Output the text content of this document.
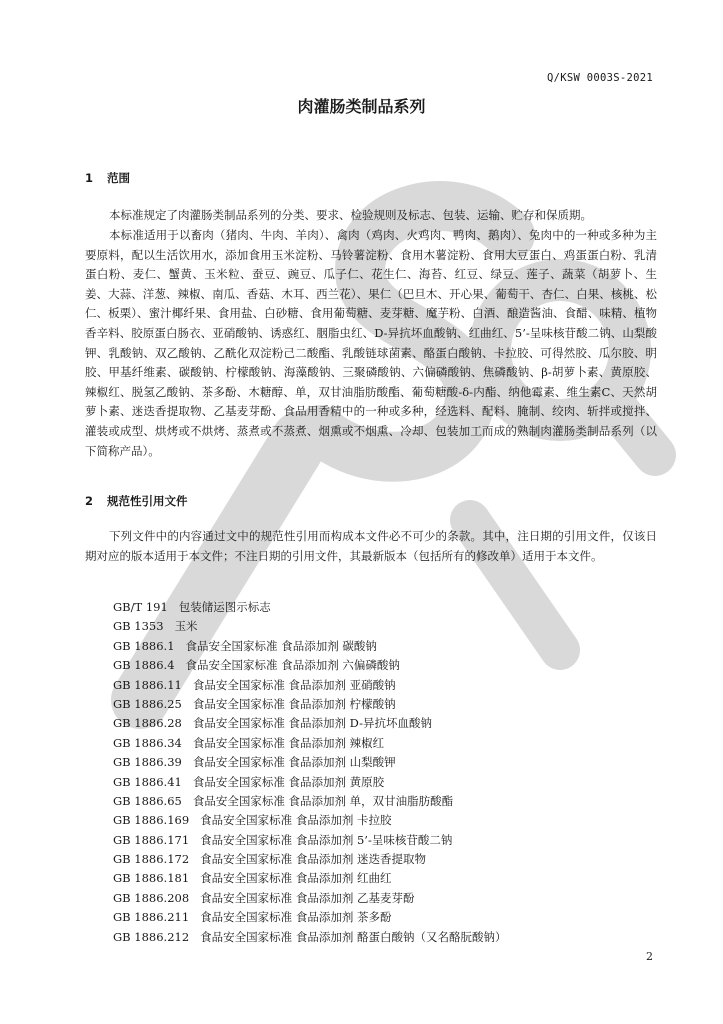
Q/KSW 0003S-2021
肉灌肠类制品系列
1 范围

本标准规定了肉灌肠类制品系列的分类、要求、检验规则及标志、包装、运输、贮存和保质期。

本标准适用于以畜肉（猪肉、牛肉、羊肉）、禽肉（鸡肉、火鸡肉、鸭肉、鹅肉）、兔肉中的一种或多种为主要原料，配以生活饮用水，添加食用玉米淀粉、马铃薯淀粉、食用木薯淀粉、食用大豆蛋白、鸡蛋蛋白粉、乳清蛋白粉、麦仁、蟹黄、玉米粒、蚕豆、豌豆、瓜子仁、花生仁、海苔、红豆、绿豆、莲子、蔬菜（胡萝卜、生姜、大蒜、洋葱、辣椒、南瓜、香菇、木耳、西兰花）、果仁（巴旦木、开心果、葡萄干、杏仁、白果、核桃、松仁、板栗）、蜜汁椰纤果、食用盐、白砂糖、食用葡萄糖、麦芽糖、魔芋粉、白酒、酿造酱油、食醋、味精、植物香辛料、胶原蛋白肠衣、亚硝酸钠、诱惑红、胭脂虫红、D-异抗坏血酸钠、红曲红、5’-呈味核苷酸二钠、山梨酸钾、乳酸钠、双乙酸钠、乙酰化双淀粉己二酸酯、乳酸链球菌素、酪蛋白酸钠、卡拉胶、可得然胶、瓜尔胶、明胶、甲基纤维素、碳酸钠、柠檬酸钠、海藻酸钠、三聚磷酸钠、六偏磷酸钠、焦磷酸钠、β-胡萝卜素、黄原胶、辣椒红、脱氢乙酸钠、茶多酚、木糖醇、单，双甘油脂肪酸酯、葡萄糖酸-δ-内酯、纳他霉素、维生素C、天然胡萝卜素、迷迭香提取物、乙基麦芽酚、食品用香精中的一种或多种，经选料、配料、腌制、绞肉、斩拌或搅拌、灌装或成型、烘烤或不烘烤、蒸煮或不蒸煮、烟熏或不烟熏、冷却、包装加工而成的熟制肉灌肠类制品系列（以下简称产品）。

2 规范性引用文件

下列文件中的内容通过文中的规范性引用而构成本文件必不可少的条款。其中，注日期的引用文件，仅该日期对应的版本适用于本文件；不注日期的引用文件，其最新版本（包括所有的修改单）适用于本文件。

GB/T 191 包装储运图示标志
GB 1353 玉米
GB 1886.1 食品安全国家标准 食品添加剂 碳酸钠
GB 1886.4 食品安全国家标准 食品添加剂 六偏磷酸钠
GB 1886.11 食品安全国家标准 食品添加剂 亚硝酸钠
GB 1886.25 食品安全国家标准 食品添加剂 柠檬酸钠
GB 1886.28 食品安全国家标准 食品添加剂 D-异抗坏血酸钠
GB 1886.34 食品安全国家标准 食品添加剂 辣椒红
GB 1886.39 食品安全国家标准 食品添加剂 山梨酸钾
GB 1886.41 食品安全国家标准 食品添加剂 黄原胶
GB 1886.65 食品安全国家标准 食品添加剂 单，双甘油脂肪酸酯
GB 1886.169 食品安全国家标准 食品添加剂 卡拉胶
GB 1886.171 食品安全国家标准 食品添加剂 5’-呈味核苷酸二钠
GB 1886.172 食品安全国家标准 食品添加剂 迷迭香提取物
GB 1886.181 食品安全国家标准 食品添加剂 红曲红
GB 1886.208 食品安全国家标准 食品添加剂 乙基麦芽酚
GB 1886.211 食品安全国家标准 食品添加剂 茶多酚
GB 1886.212 食品安全国家标准 食品添加剂 酪蛋白酸钠（又名酪朊酸钠）
2
